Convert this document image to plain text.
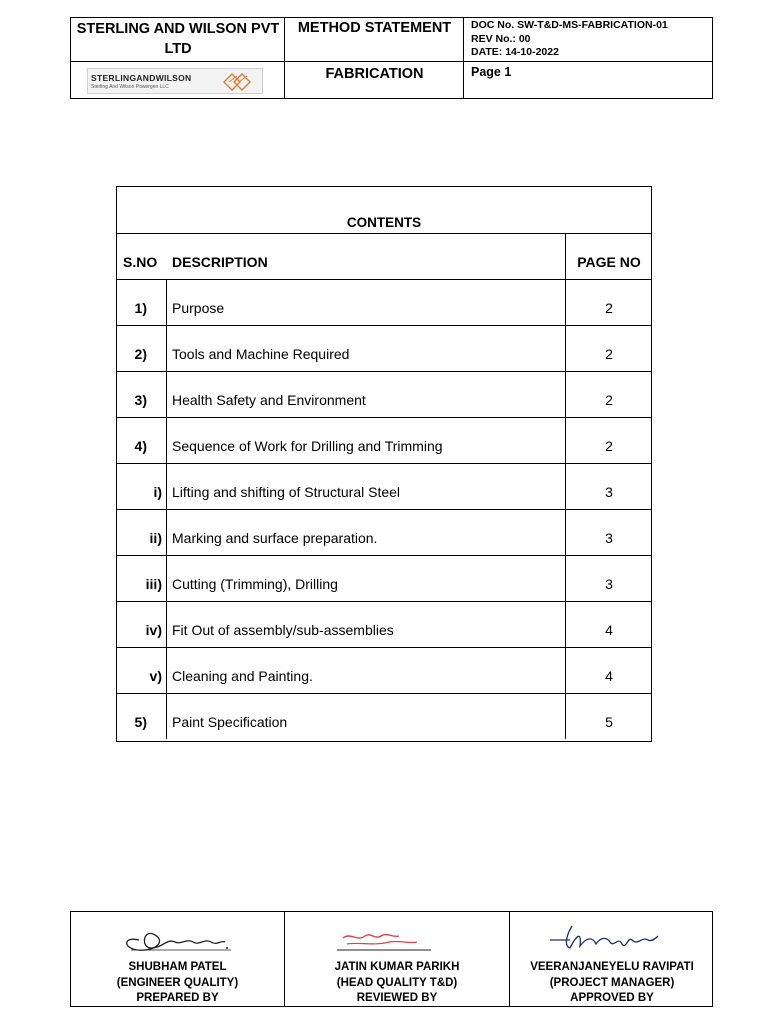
STERLING AND WILSON PVT LTD
STERLINGANDWILSON
Sterling And Wilson Powergen LLC
METHOD STATEMENT
FABRICATION
DOC No. SW-T&D-MS-FABRICATION-01
REV No.: 00
DATE: 14-10-2022
Page 1
CONTENTS
S.NO	DESCRIPTION	PAGE NO
1)	Purpose	2
2)	Tools and Machine Required	2
3)	Health Safety and Environment	2
4)	Sequence of Work for Drilling and Trimming	2
i) Lifting and shifting of Structural Steel	3
ii) Marking and surface preparation.	3
iii) Cutting (Trimming), Drilling	3
iv) Fit Out of assembly/sub-assemblies	4
v) Cleaning and Painting.	4
5)	Paint Specification	5
SHUBHAM PATEL
(ENGINEER QUALITY)
PREPARED BY
JATIN KUMAR PARIKH
(HEAD QUALITY T&D)
REVIEWED BY
VEERANJANEYELU RAVIPATI
(PROJECT MANAGER)
APPROVED BY
